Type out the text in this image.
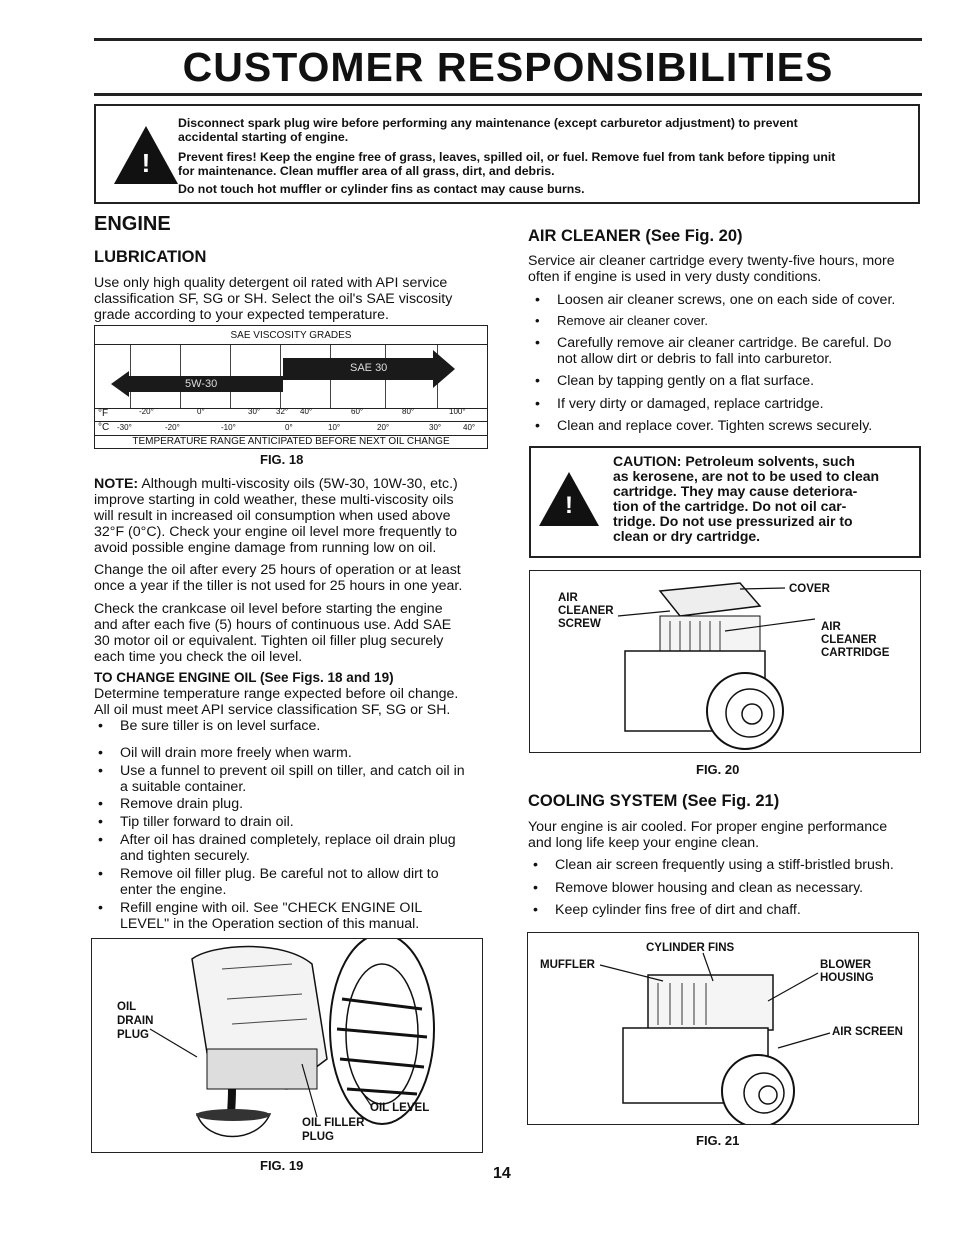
CUSTOMER RESPONSIBILITIES
!
Disconnect spark plug wire before performing any maintenance (except carburetor adjustment) to prevent
accidental starting of engine.
Prevent fires! Keep the engine free of grass, leaves, spilled oil, or fuel. Remove fuel from tank before tipping unit
for maintenance. Clean muffler area of all grass, dirt, and debris.
Do not touch hot muffler or cylinder fins as contact may cause burns.
ENGINE
LUBRICATION
Use only high quality detergent oil rated with API service
classification SF, SG or SH. Select the oil's SAE viscosity
grade according to your expected temperature.
SAE VISCOSITY GRADES
SAE 30
5W-30
°F	-20°	0°	30° 32° 40°	60°	80°	100°
°C -30°	-20°	-10°	0°	10°	20°	30°	40°
TEMPERATURE RANGE ANTICIPATED BEFORE NEXT OIL CHANGE
FIG. 18
NOTE: Although multi-viscosity oils (5W-30, 10W-30, etc.)
improve starting in cold weather, these multi-viscosity oils
will result in increased oil consumption when used above
32°F (0°C). Check your engine oil level more frequently to
avoid possible engine damage from running low on oil.
Change the oil after every 25 hours of operation or at least
once a year if the tiller is not used for 25 hours in one year.
Check the crankcase oil level before starting the engine
and after each five (5) hours of continuous use. Add SAE
30 motor oil or equivalent. Tighten oil filler plug securely
each time you check the oil level.
TO CHANGE ENGINE OIL (See Figs. 18 and 19)
Determine temperature range expected before oil change.
All oil must meet API service classification SF, SG or SH.
• Be sure tiller is on level surface.
• Oil will drain more freely when warm.
• Use a funnel to prevent oil spill on tiller, and catch oil in
a suitable container.
• Remove drain plug.
• Tip tiller forward to drain oil.
• After oil has drained completely, replace oil drain plug
and tighten securely.
• Remove oil filler plug. Be careful not to allow dirt to
enter the engine.
• Refill engine with oil. See "CHECK ENGINE OIL
LEVEL" in the Operation section of this manual.
OIL
DRAIN
PLUG
OIL LEVEL
OIL FILLER
PLUG
FIG. 19
AIR CLEANER (See Fig. 20)
Service air cleaner cartridge every twenty-five hours, more
often if engine is used in very dusty conditions.
• Loosen air cleaner screws, one on each side of cover.
• Remove air cleaner cover.
• Carefully remove air cleaner cartridge. Be careful. Do
not allow dirt or debris to fall into carburetor.
• Clean by tapping gently on a flat surface.
• If very dirty or damaged, replace cartridge.
• Clean and replace cover. Tighten screws securely.
!
CAUTION: Petroleum solvents, such
as kerosene, are not to be used to clean
cartridge. They may cause deteriora-
tion of the cartridge. Do not oil car-
tridge. Do not use pressurized air to
clean or dry cartridge.
AIR
CLEANER
SCREW
COVER
AIR
CLEANER
CARTRIDGE
FIG. 20
COOLING SYSTEM (See Fig. 21)
Your engine is air cooled. For proper engine performance
and long life keep your engine clean.
• Clean air screen frequently using a stiff-bristled brush.
• Remove blower housing and clean as necessary.
• Keep cylinder fins free of dirt and chaff.
CYLINDER FINS
MUFFLER	BLOWER
HOUSING
AIR SCREEN
FIG. 21
14
